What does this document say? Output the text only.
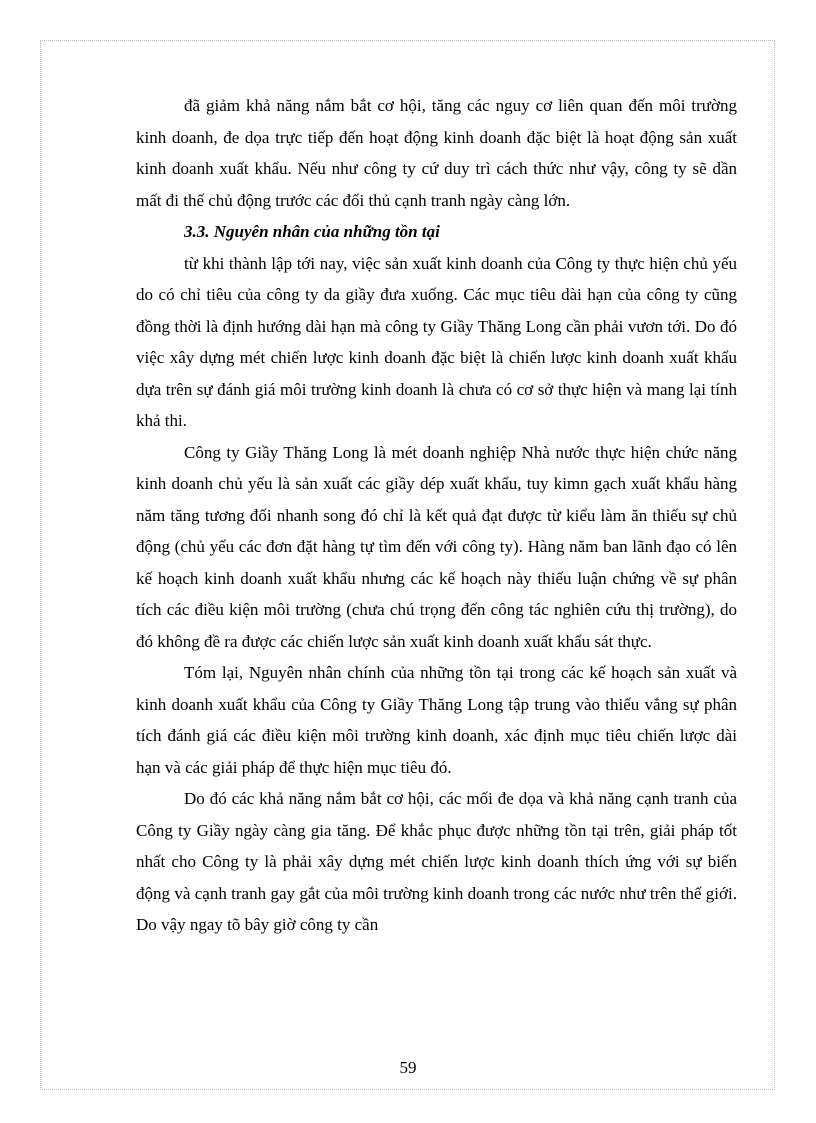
đã giảm khả năng nắm bắt cơ hội, tăng các nguy cơ liên quan đến môi trường kinh doanh, đe dọa trực tiếp đến hoạt động kinh doanh đặc biệt là hoạt động sản xuất kinh doanh xuất khẩu. Nếu như công ty cứ duy trì cách thức như vậy, công ty sẽ dần mất đi thế chủ động trước các đối thủ cạnh tranh ngày càng lớn.

3.3. Nguyên nhân của những tồn tại

từ khi thành lập tới nay, việc sản xuất kinh doanh của Công ty thực hiện chủ yếu do có chỉ tiêu của công ty da giầy đưa xuống. Các mục tiêu dài hạn của công ty cũng đồng thời là định hướng dài hạn mà công ty Giầy Thăng Long cần phải vươn tới. Do đó việc xây dựng mét chiến lược kinh doanh đặc biệt là chiến lược kinh doanh xuất khẩu dựa trên sự đánh giá môi trường kinh doanh là chưa có cơ sở thực hiện và mang lại tính khả thi.

Công ty Giầy Thăng Long là mét doanh nghiệp Nhà nước thực hiện chức năng kinh doanh chủ yếu là sản xuất các giầy dép xuất khẩu, tuy kimn gạch xuất khẩu hàng năm tăng tương đối nhanh song đó chỉ là kết quả đạt được từ kiểu làm ăn thiếu sự chủ động (chủ yếu các đơn đặt hàng tự tìm đến với công ty). Hàng năm ban lãnh đạo có lên kế hoạch kinh doanh xuất khẩu nhưng các kế hoạch này thiếu luận chứng về sự phân tích các điều kiện môi trường (chưa chú trọng đến công tác nghiên cứu thị trường), do đó không đề ra được các chiến lược sản xuất kinh doanh xuất khẩu sát thực.

Tóm lại, Nguyên nhân chính của những tồn tại trong các kế hoạch sản xuất và kinh doanh xuất khẩu của Công ty Giầy Thăng Long tập trung vào thiếu vắng sự phân tích đánh giá các điều kiện môi trường kinh doanh, xác định mục tiêu chiến lược dài hạn và các giải pháp để thực hiện mục tiêu đó.

Do đó các khả năng nắm bắt cơ hội, các mối đe dọa và khả năng cạnh tranh của Công ty Giầy ngày càng gia tăng. Để khắc phục được những tồn tại trên, giải pháp tốt nhất cho Công ty là phải xây dựng mét chiến lược kinh doanh thích ứng với sự biến động và cạnh tranh gay gắt của môi trường kinh doanh trong các nước như trên thế giới. Do vậy ngay tõ bây giờ công ty cần

59
